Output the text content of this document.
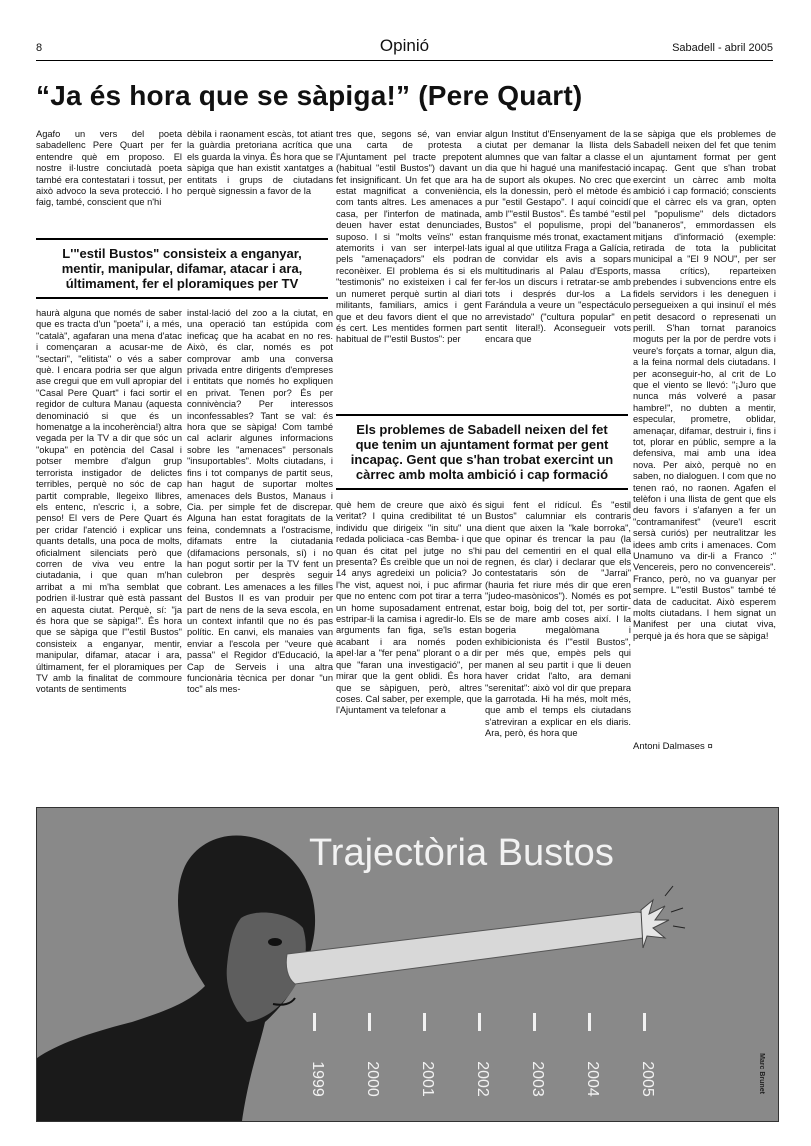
8	Opinió	Sabadell - abril 2005
“Ja és hora que se sàpiga!” (Pere Quart)

Agafo un vers del poeta sabadellenc Pere Quart per fer entendre què em proposo. El nostre il·lustre conciutadà poeta també era contestatari i tossut, per això advoco la seva protecció. I ho faig, també, conscient que n'hi

dèbila i raonament escàs, tot atiant la guàrdia pretoriana acrítica que els guarda la vinya. És hora que se sàpiga que han existit xantatges a entitats i grups de ciutadans perquè signessin a favor de la

tres que, segons sé, van enviar una carta de protesta a l'Ajuntament pel tracte prepotent (habitual "estil Bustos") davant un fet insignificant. Un fet que ara ha estat magnificat a conveniència, com tants altres. Les amenaces a casa, per l'interfon de matinada, deuen haver estat denunciades, suposo. I si "molts veïns" estan atemorits i van ser interpel·lats pels "amenaçadors" els podran reconèixer. El problema és si els "testimonis" no existeixen i cal fer un numeret perquè surtin al diari militants, familiars, amics i gent que et deu favors dient el que no és cert. Les mentides formen part habitual de l'"estil Bustos": per

algun Institut d'Ensenyament de la ciutat per demanar la llista dels alumnes que van faltar a classe el dia que hi hagué una manifestació de suport als okupes. No crec que els la donessin, però el mètode és pur "estil Gestapo". I aquí coincidí amb l'"estil Bustos". És també "estil Bustos" el populisme, propi del franquisme més tronat, exactament igual al que utilitza Fraga a Galícia, de convidar els avis a sopars multitudinaris al Palau d'Esports, fer-los un discurs i retratar-se amb tots i després dur-los a La Farándula a veure un "espectáculo arrevistado" ("cultura popular" en sentit literal!). Aconsegueir vots encara que

se sàpiga que els problemes de Sabadell neixen del fet que tenim un ajuntament format per gent incapaç. Gent que s'han trobat exercint un càrrec amb molta ambició i cap formació; conscients que el càrrec els va gran, opten pel "populisme" dels dictadors "bananeros", emmordassen els mitjans d'informació (exemple: retirada de tota la publicitat municipal a "El 9 NOU", per ser massa crítics), reparteixen prebendes i subvencions entre els fidels servidors i les deneguen i persegueixen a qui insinuï el més petit desacord o represenati un perill. S'han tornat paranoics moguts per la por de perdre vots i veure's forçats a tornar, algun dia, a la feina normal dels ciutadans. I per aconseguir-ho, al crit de Lo que el viento se llevó: "¡Juro que nunca más volveré a pasar hambre!", no dubten a mentir, especular, prometre, oblidar, amenaçar, difamar, destruir i, fins i tot, plorar en públic, sempre a la defensiva, mai amb una idea nova. Per això, perquè no en saben, no dialoguen. I com que no tenen raó, no raonen. Agafen el telèfon i una llista de gent que els deu favors i s'afanyen a fer un "contramanifest" (veure'l escrit sersà curiós) per neutralitzar les idees amb crits i amenaces. Com Unamuno va dir-li a Franco :" Vencereis, pero no convencereis". Franco, però, no va guanyar per sempre. L'"estil Bustos" també té data de caducitat. Això esperem molts ciutadans. I hem signat un Manifest per una ciutat viva, perquè ja és hora que se sàpiga!

L'"estil Bustos" consisteix a enganyar,
mentir, manipular, difamar, atacar i ara,
últimament, fer el ploramiques per TV

haurà alguna que només de saber que es tracta d'un "poeta" i, a més, "català", agafaran una mena d'atac i començaran a acusar-me de "sectari", "elitista" o vés a saber què. I encara podria ser que algun ase cregui que em vull apropiar del "Casal Pere Quart" i faci sortir el regidor de cultura Manau (aquesta denominació si que és un homenatge a la incoherència!) altra vegada per la TV a dir que sóc un "okupa" en potència del Casal i potser membre d'algun grup terrorista instigador de delictes terribles, perquè no sóc de cap partit comprable, llegeixo llibres, els entenc, n'escric i, a sobre, penso! El vers de Pere Quart és per cridar l'atenció i explicar uns quants detalls, una poca de molts, oficialment silenciats però que corren de viva veu entre la ciutadania, i que quan m'han arribat a mi m'ha semblat que podrien il·lustrar què està passant en aquesta ciutat. Perquè, sí: "ja és hora que se sàpiga!". És hora que se sàpiga que l'"estil Bustos" consisteix a enganyar, mentir, manipular, difamar, atacar i ara, últimament, fer el ploramiques per TV amb la finalitat de commoure votants de sentiments

instal·lació del zoo a la ciutat, en una operació tan estúpida com ineficaç que ha acabat en no res. Això, és clar, només es pot comprovar amb una conversa privada entre dirigents d'empreses i entitats que només ho expliquen en privat. Tenen por? És per connivència? Per interessos inconfessables? Tant se val: és hora que se sàpiga! Com també cal aclarir algunes informacions sobre les "amenaces" personals "insuportables". Molts ciutadans, i fins i tot companys de partit seus, han hagut de suportar moltes amenaces dels Bustos, Manaus i Cia. per simple fet de discrepar. Alguna han estat foragitats de la feina, condemnats a l'ostracisme, difamats entre la ciutadania (difamacions personals, sí) i no han pogut sortir per la TV fent un culebron per desprès seguir cobrant. Les amenaces a les filles del Bustos II es van produir per part de nens de la seva escola, en un context infantil que no és pas polític. En canvi, els manaies van enviar a l'escola per "veure què passa" el Regidor d'Educació, la Cap de Serveis i una altra funcionària tècnica per donar "un toc" als mes-

Els problemes de Sabadell neixen del fet
que tenim un ajuntament format per gent
incapaç. Gent que s'han trobat exercint un
càrrec amb molta ambició i cap formació

què hem de creure que això és veritat? I quina credibilitat té un individu que dirigeix "in situ" una redada policiaca -cas Bemba- i que quan és citat pel jutge no s'hi presenta? És creïble que un noi de 14 anys agredeixi un policia? Jo l'he vist, aquest noi, i puc afirmar que no entenc com pot tirar a terra un home suposadament entrenat, estripar-li la camisa i agredir-lo. Els arguments fan figa, se'ls estan acabant i ara només poden apel·lar a "fer pena" plorant o a dir que "faran una investigació", per mirar que la gent oblidi. És hora que se sàpiguen, però, altres coses. Cal saber, per exemple, que l'Ajuntament va telefonar a

sigui fent el ridícul. És "estil Bustos" calumniar els contraris dient que aixen la "kale borroka", que opinar és trencar la pau (la pau del cementiri en el qual ella regnen, és clar) i declarar que els contestataris són de "Jarrai" (hauria fet riure més dir que eren "judeo-masònicos"). Només es pot estar boig, boig del tot, per sortir-se de mare amb coses així. I la bogeria megalòmana i exhibicionista és l'"estil Bustos", per més que, empès pels qui manen al seu partit i que li deuen haver cridat l'alto, ara demani "serenitat": això vol dir que prepara la garrotada. Hi ha més, molt més, que amb el temps els ciutadans s'atreviran a explicar en els diaris. Ara, però, és hora que

Antoni Dalmases ¤
Trajectòria Bustos
1999 2000 2001 2002 2003 2004 2005	Marc Brunet
